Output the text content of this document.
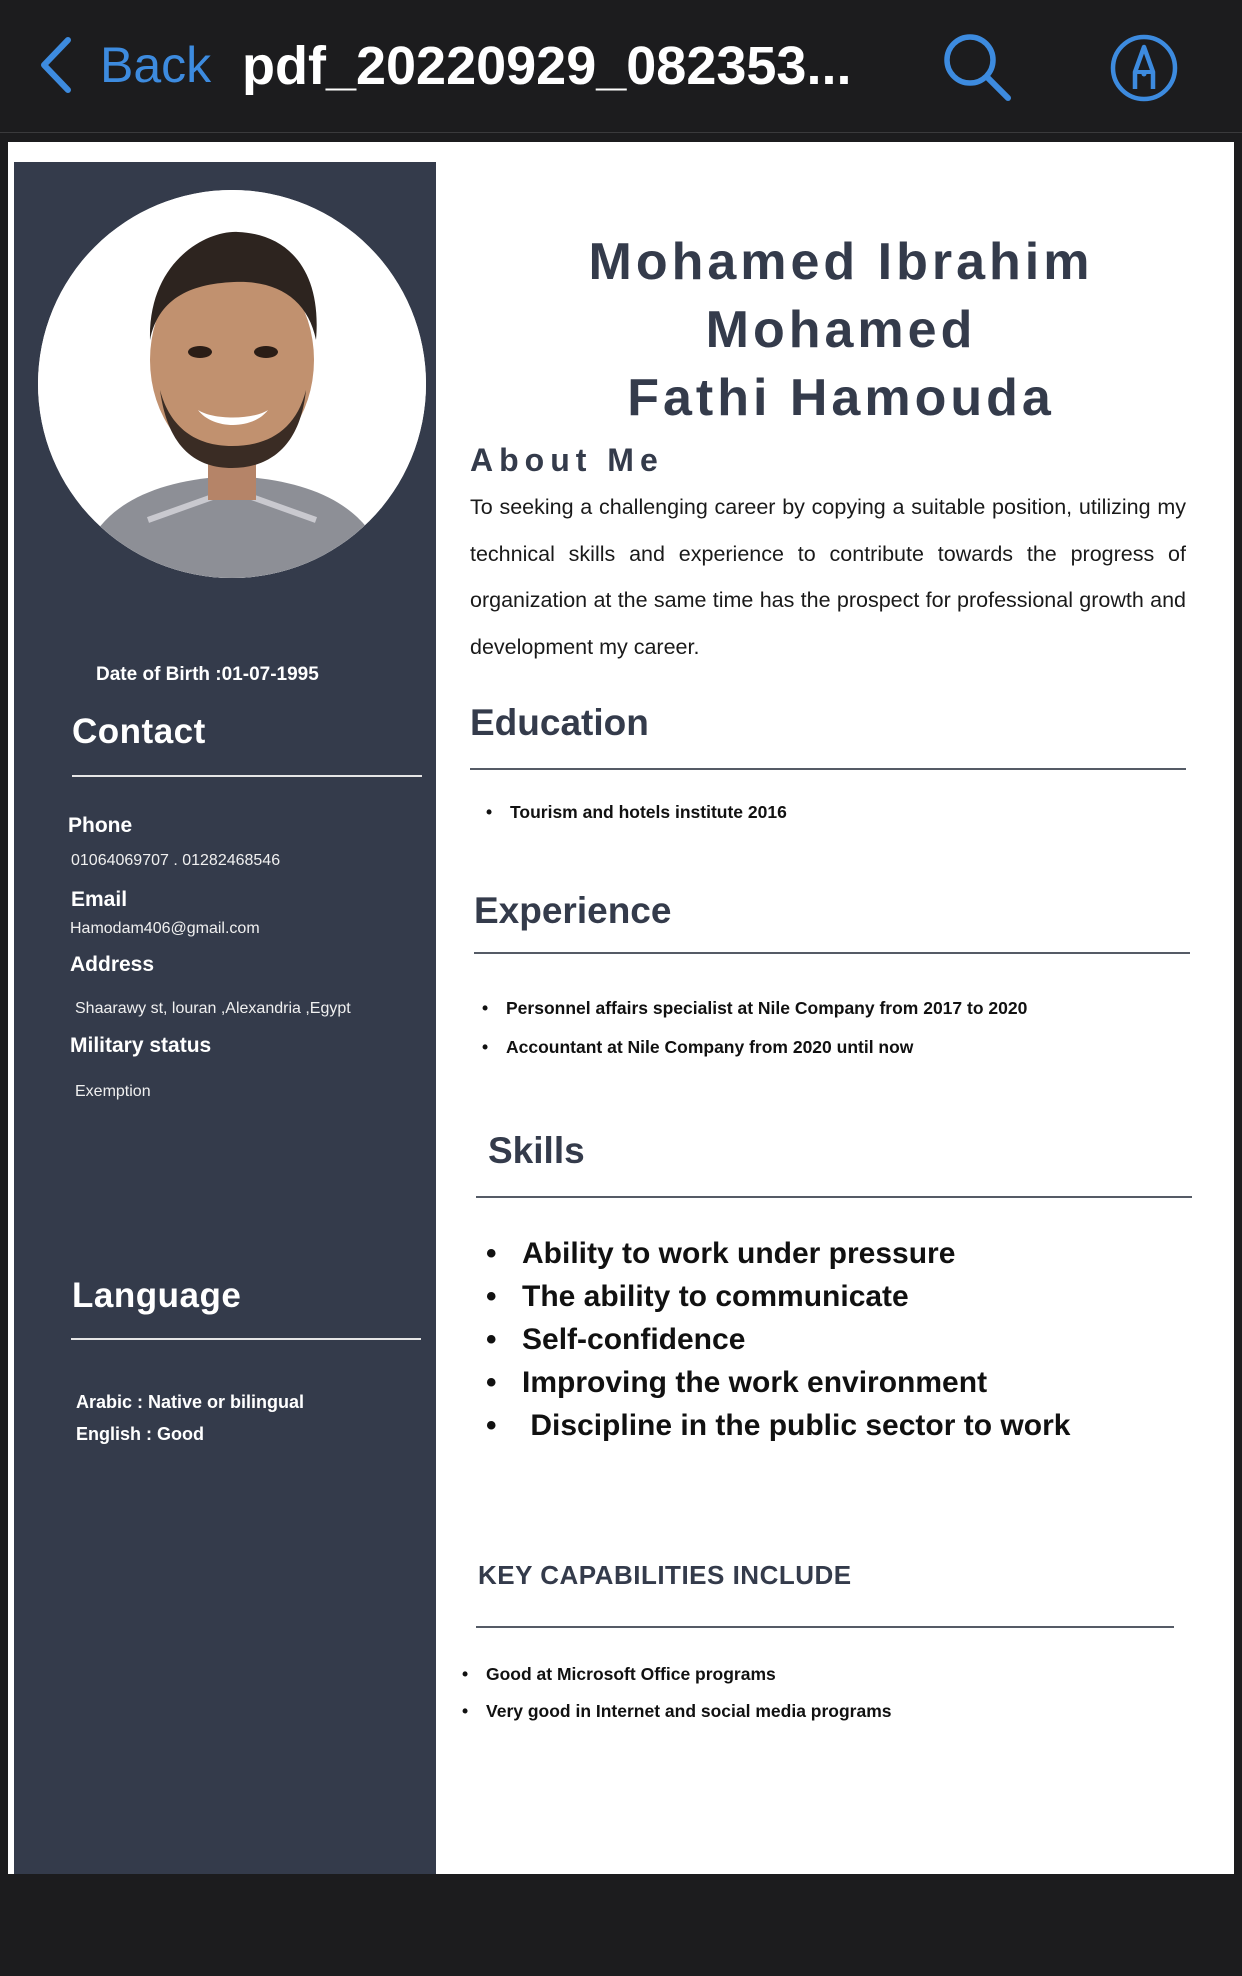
Back pdf_20220929_082353...
Date of Birth :01-07-1995
Contact
Phone
01064069707 . 01282468546
Email
Hamodam406@gmail.com
Address
Shaarawy st, louran ,Alexandria ,Egypt
Military status
Exemption
Language
Arabic : Native or bilingual
English : Good
Mohamed Ibrahim Mohamed
Fathi Hamouda
About Me
To seeking a challenging career by copying a suitable position, utilizing my technical skills and experience to contribute towards the progress of organization at the same time has the prospect for professional growth and development my career.
Education
• Tourism and hotels institute 2016
Experience
• Personnel affairs specialist at Nile Company from 2017 to 2020
• Accountant at Nile Company from 2020 until now
Skills
• Ability to work under pressure
• The ability to communicate
• Self-confidence
• Improving the work environment
•  Discipline in the public sector to work
KEY CAPABILITIES INCLUDE
• Good at Microsoft Office programs
• Very good in Internet and social media programs
